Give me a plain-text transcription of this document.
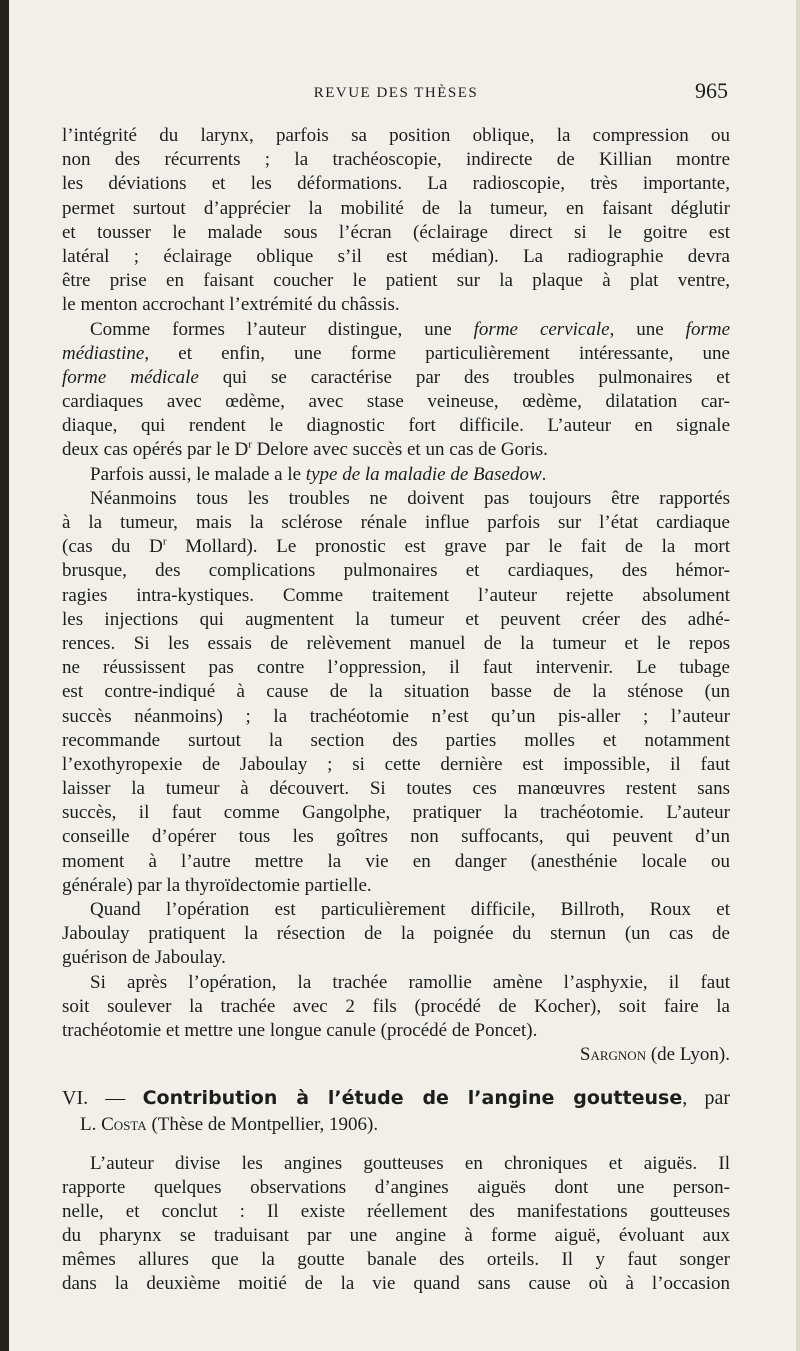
REVUE DES THÈSES	965
l’intégrité du larynx, parfois sa position oblique, la compression ou
non des récurrents ; la trachéoscopie, indirecte de Killian montre
les déviations et les déformations. La radioscopie, très importante,
permet surtout d’apprécier la mobilité de la tumeur, en faisant déglutir
et tousser le malade sous l’écran (éclairage direct si le goitre est
latéral ; éclairage oblique s’il est médian). La radiographie devra
être prise en faisant coucher le patient sur la plaque à plat ventre,
le menton accrochant l’extrémité du châssis.
Comme formes l’auteur distingue, une forme cervicale, une forme
médiastine, et enfin, une forme particulièrement intéressante, une
forme médicale qui se caractérise par des troubles pulmonaires et
cardiaques avec œdème, avec stase veineuse, œdème, dilatation car-
diaque, qui rendent le diagnostic fort difficile. L’auteur en signale
deux cas opérés par le $D^r$ Delore avec succès et un cas de Goris.
Parfois aussi, le malade a le type de la maladie de Basedow.
Néanmoins tous les troubles ne doivent pas toujours être rapportés
à la tumeur, mais la sclérose rénale influe parfois sur l’état cardiaque
(cas du $D^r$ Mollard). Le pronostic est grave par le fait de la mort
brusque, des complications pulmonaires et cardiaques, des hémor-
ragies intra-kystiques. Comme traitement l’auteur rejette absolument
les injections qui augmentent la tumeur et peuvent créer des adhé-
rences. Si les essais de relèvement manuel de la tumeur et le repos
ne réussissent pas contre l’oppression, il faut intervenir. Le tubage
est contre-indiqué à cause de la situation basse de la sténose (un
succès néanmoins) ; la trachéotomie n’est qu’un pis-aller ; l’auteur
recommande surtout la section des parties molles et notamment
l’exothyropexie de Jaboulay ; si cette dernière est impossible, il faut
laisser la tumeur à découvert. Si toutes ces manœuvres restent sans
succès, il faut comme Gangolphe, pratiquer la trachéotomie. L’auteur
conseille d’opérer tous les goîtres non suffocants, qui peuvent d’un
moment à l’autre mettre la vie en danger (anesthénie locale ou
générale) par la thyroïdectomie partielle.
Quand l’opération est particulièrement difficile, Billroth, Roux et
Jaboulay pratiquent la résection de la poignée du sternun (un cas de
guérison de Jaboulay.
Si après l’opération, la trachée ramollie amène l’asphyxie, il faut
soit soulever la trachée avec 2 fils (procédé de Kocher), soit faire la
trachéotomie et mettre une longue canule (procédé de Poncet).
Sargnon (de Lyon).
VI. — Contribution à l’étude de l’angine goutteuse, par
L. Costa (Thèse de Montpellier, 1906).
L’auteur divise les angines goutteuses en chroniques et aiguës. Il
rapporte quelques observations d’angines aiguës dont une person-
nelle, et conclut : Il existe réellement des manifestations goutteuses
du pharynx se traduisant par une angine à forme aiguë, évoluant aux
mêmes allures que la goutte banale des orteils. Il y faut songer
dans la deuxième moitié de la vie quand sans cause où à l’occasion
